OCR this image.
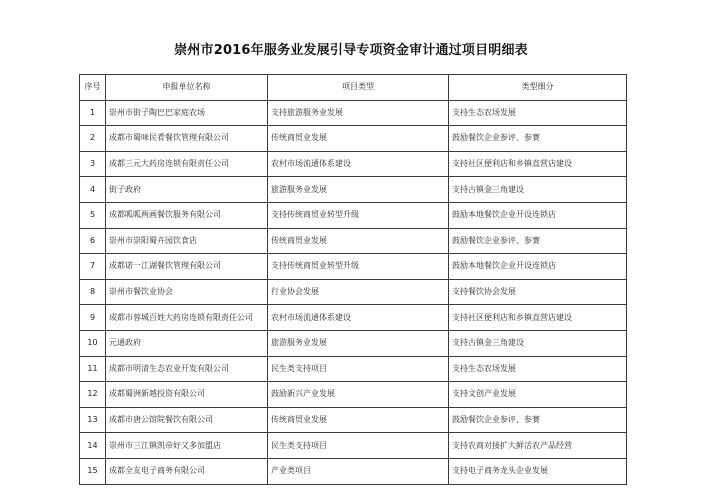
崇州市2016年服务业发展引导专项资金审计通过项目明细表
序号	申报单位名称	项目类型	类型细分
1	崇州市街子陶巴巴家庭农场	支持旅游服务业发展	支持生态农场发展
2	成都市蜀味民肴餐饮管理有限公司	传统商贸业发展	鼓励餐饮企业参评、参赛
3	成都三元大药房连锁有限责任公司	农村市场流通体系建设	支持社区便利店和乡镇直营店建设
4	街子政府	旅游服务业发展	支持古镇金三角建设
5	成都呱呱两画餐饮服务有限公司	支持传统商贸业转型升级	鼓励本地餐饮企业开设连锁店
6	崇州市崇阳蜀卉园饮食店	传统商贸业发展	鼓励餐饮企业参评、参赛
7	成都诺一江湖餐饮管理有限公司	支持传统商贸业转型升级	鼓励本地餐饮企业开设连锁店
8	崇州市餐饮业协会	行业协会发展	支持餐饮协会发展
9	成都市蓉城百姓大药房连锁有限责任公司	农村市场流通体系建设	支持社区便利店和乡镇直营店建设
10	元通政府	旅游服务业发展	支持古镇金三角建设
11	成都市明清生态农业开发有限公司	民生类支持项目	支持生态农场发展
12	成都蜀洲新越投资有限公司	鼓励新兴产业发展	支持文创产业发展
13	成都市唐公馆院餐饮有限公司	传统商贸业发展	鼓励餐饮企业参评、参赛
14	崇州市三江镇凯帝好又多加盟店	民生类支持项目	支持农商对接扩大鲜活农产品经营
15	成都全友电子商务有限公司	产业类项目	支持电子商务龙头企业发展
